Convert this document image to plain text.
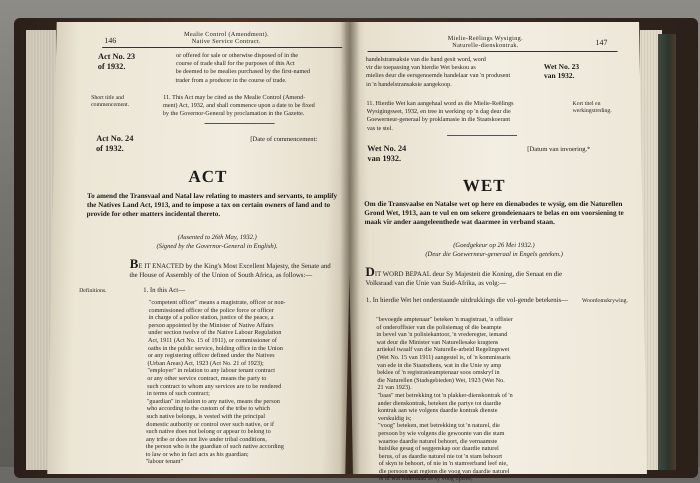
146
Mealie Control (Amendment).
Native Service Contract.
Act No. 23
of 1932.
or offered for sale or otherwise disposed of in the
course of trade shall for the purposes of this Act
be deemed to be mealies purchased by the first-named
trader from a producer in the course of trade.
Short title and commencement.
11. This Act may be cited as the Mealie Control (Amend-
ment) Act, 1932, and shall commence upon a date to be fixed
by the Governor-General by proclamation in the Gazette.
Act No. 24
of 1932.
[Date of commencement:
ACT
To amend the Transvaal and Natal law relating to masters and servants, to amplify the Natives Land Act, 1913, and to impose a tax on certain owners of land and to provide for other matters incidental thereto.
(Assented to 26th May, 1932.)
(Signed by the Governor-General in English).
BE IT ENACTED by the King's Most Excellent Majesty, the Senate and the House of Assembly of the Union of South Africa, as follows:—
Definitions.	1. In this Act—
"competent officer" means a magistrate, officer or non-
commissioned officer of the police force or officer
in charge of a police station, justice of the peace, a
person appointed by the Minister of Native Affairs
under section twelve of the Native Labour Regulation
Act, 1911 (Act No. 15 of 1911), or commissioner of
oaths in the public service, holding office in the Union
or any registering officer defined under the Natives
(Urban Areas) Act, 1923 (Act No. 21 of 1923);
"employer" in relation to any labour tenant contract
or any other service contract, means the party to
such contract to whom any services are to be rendered
in terms of such contract;
"guardian" in relation to any native, means the person
who according to the custom of the tribe to which
such native belongs, is vested with the principal
domestic authority or control over such native, or if
such native does not belong or appear to belong to
any tribe or does not live under tribal conditions,
the person who is the guardian of such native according
to law or who in fact acts as his guardian;
"labour tenant"
Mielie-Reëlings Wysiging.
Naturelle-dienskontrak.	147
handelstransaksie van die hand gesit word, word
vir die toepassing van hierdie Wet beskou as
mielies deur die eersgenoemde handelaar van 'n produsent
in 'n handelstransaksie aangekoop.
Wet No. 23
van 1932.
11. Hierdie Wet kan aangehaal word as die Mielie-Reëlings
Wysigingswet, 1932, en tree in werking op 'n dag deur die
Goewerneur-generaal by proklamasie in die Staatskoerant
vas te stel.
Kort titel en werkingstreding.
Wet No. 24
van 1932.
[Datum van invoering.*
WET
Om die Transvaalse en Natalse wet op here en dienabodes te wysig, om die Naturellen Grond Wet, 1913, aan te vul en om sekere grondeienaars te belas en om voorsiening te maak vir ander aangeleenthede wat daarmee in verband staan.
(Goedgekeur op 26 Mei 1932.)
(Deur die Goewerneur-generaal in Engels geteken.)
DIT WORD BEPAAL deur Sy Majesteit die Koning, die Senaat en die Volksraad van die Unie van Suid-Afrika, as volg:—
1. In hierdie Wet het onderstaande uitdrukkings die vol-gende betekenis—	Woordomskrywing.
"bevoegde amptenaar" beteken 'n magistraat, 'n offisier
of onderoffisier van die polisiemag of die beampte
in bevel van 'n polisiekantoor, 'n vrederegter, iemand
wat deur die Minister van Naturellesake kragtens
artiekel twaalf van die Naturelle-arbeid Regelingswet
(Wet No. 15 van 1911) aangestel is, of 'n kommissaris
van ede in die Staatsdiens, wat in die Unie sy amp
beklee of 'n registrasieamptenaar soos omskryf in
die Naturellen (Stadsgebieden) Wet, 1923 (Wet No.
21 van 1923).
"baas" met betrekking tot 'n plakker-dienskontrak of 'n
ander dienskontrak, beteken die partye tot daardie
kontrak aan wie volgens daardie kontrak dienste
verskuldig is;
"voog" beteken, met betrekking tot 'n naturel, die
persoon by wie volgens die gewoonte van die stam
waartoe daardie naturel behoort, die vernaamste
huislike gesag of seggenskap oor daardie naturel
berus, of as daardie naturel nie tot 'n stam behoort
of skyn te behoort, of nie in 'n stamverband leef nie,
die persoon wat regtens die voog van daardie naturel
is of wat inderdaad as sy voog optree;
